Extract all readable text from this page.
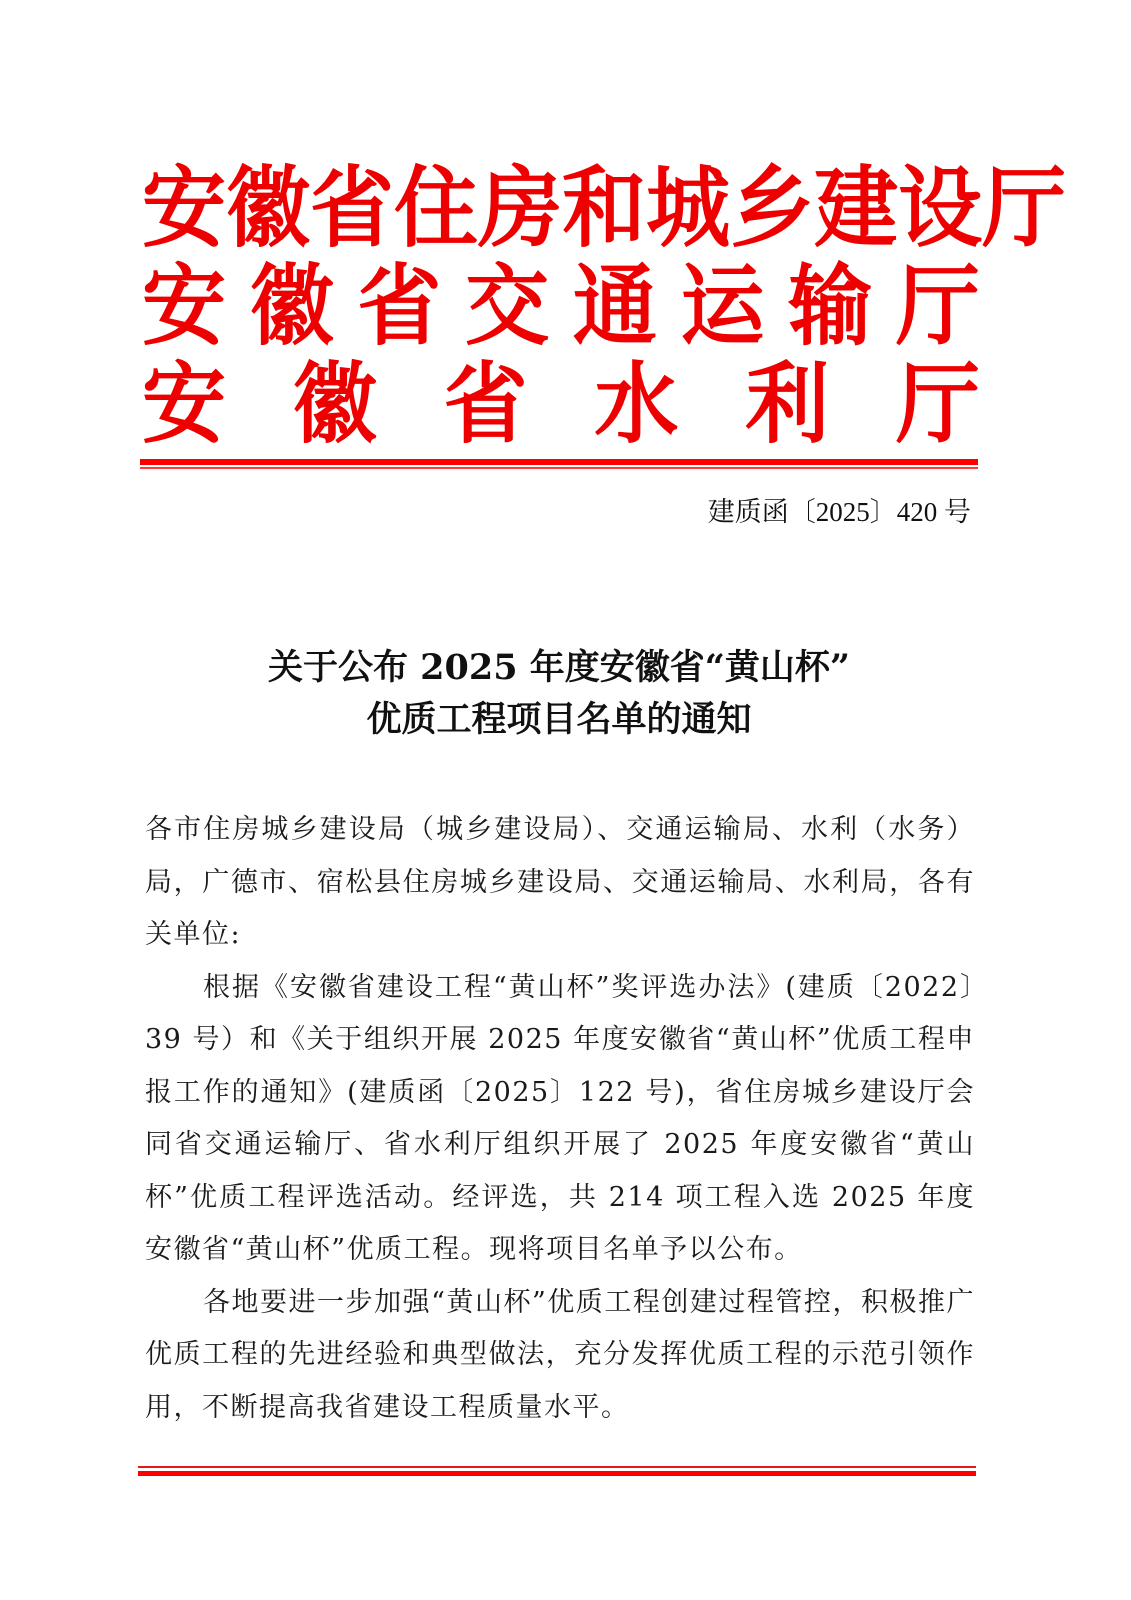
安 徽 省 住 房 和 城 乡 建 设 厅
安 徽 省 交 通 运 输 厅
安 徽 省 水 利 厅
建质函〔2025〕420 号
关于公布 2025 年度安徽省“黄山杯”
优质工程项目名单的通知

各市住房城乡建设局（城乡建设局）、交通运输局、水利（水务）局，广德市、宿松县住房城乡建设局、交通运输局、水利局，各有关单位:

根据《安徽省建设工程“黄山杯”奖评选办法》(建质〔2022〕39 号）和《关于组织开展 2025 年度安徽省“黄山杯”优质工程申报工作的通知》(建质函〔2025〕122 号)，省住房城乡建设厅会同省交通运输厅、省水利厅组织开展了 2025 年度安徽省“黄山杯”优质工程评选活动。经评选，共 214 项工程入选 2025 年度安徽省“黄山杯”优质工程。现将项目名单予以公布。

各地要进一步加强“黄山杯”优质工程创建过程管控，积极推广优质工程的先进经验和典型做法，充分发挥优质工程的示范引领作用，不断提高我省建设工程质量水平。
